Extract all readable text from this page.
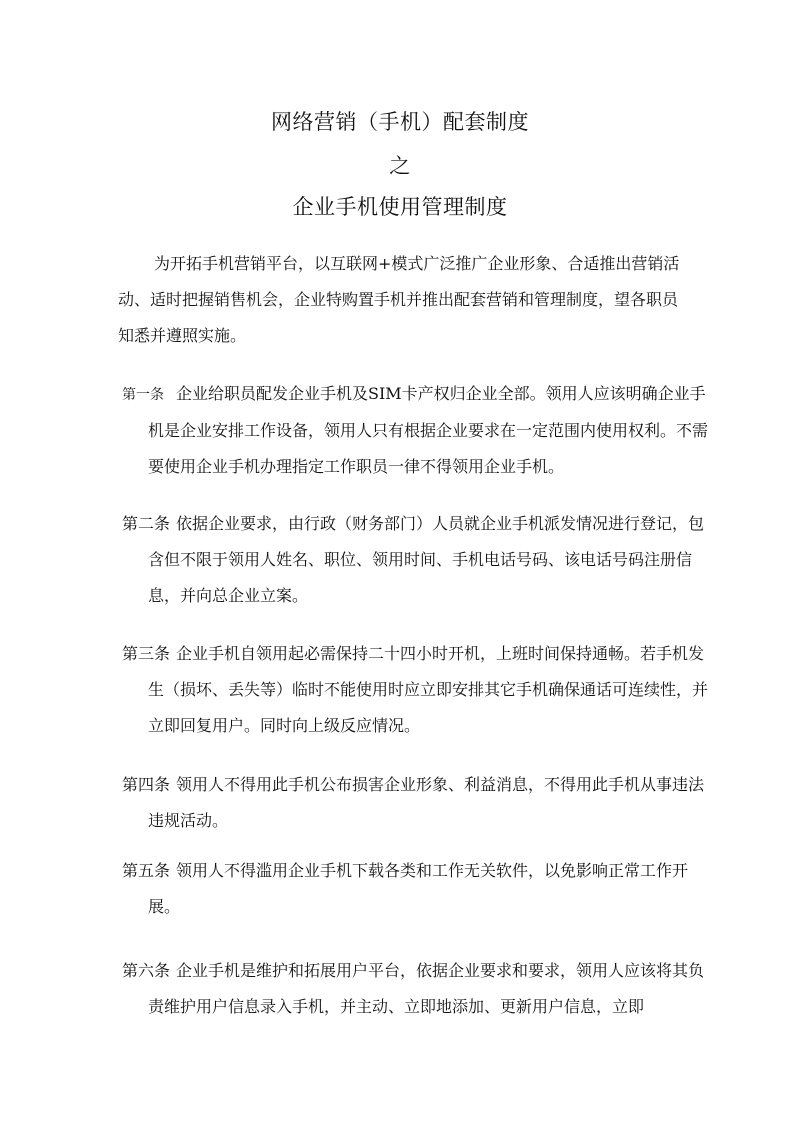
网络营销（手机）配套制度
之
企业手机使用管理制度

为开拓手机营销平台，以互联网+模式广泛推广企业形象、合适推出营销活动、适时把握销售机会，企业特购置手机并推出配套营销和管理制度，望各职员知悉并遵照实施。

第一条 企业给职员配发企业手机及SIM卡产权归企业全部。领用人应该明确企业手机是企业安排工作设备，领用人只有根据企业要求在一定范围内使用权利。不需要使用企业手机办理指定工作职员一律不得领用企业手机。

第二条 依据企业要求，由行政（财务部门）人员就企业手机派发情况进行登记，包含但不限于领用人姓名、职位、领用时间、手机电话号码、该电话号码注册信息，并向总企业立案。

第三条 企业手机自领用起必需保持二十四小时开机，上班时间保持通畅。若手机发生（损坏、丢失等）临时不能使用时应立即安排其它手机确保通话可连续性，并立即回复用户。同时向上级反应情况。

第四条 领用人不得用此手机公布损害企业形象、利益消息，不得用此手机从事违法违规活动。

第五条 领用人不得滥用企业手机下载各类和工作无关软件，以免影响正常工作开展。

第六条 企业手机是维护和拓展用户平台，依据企业要求和要求，领用人应该将其负责维护用户信息录入手机，并主动、立即地添加、更新用户信息，立即
